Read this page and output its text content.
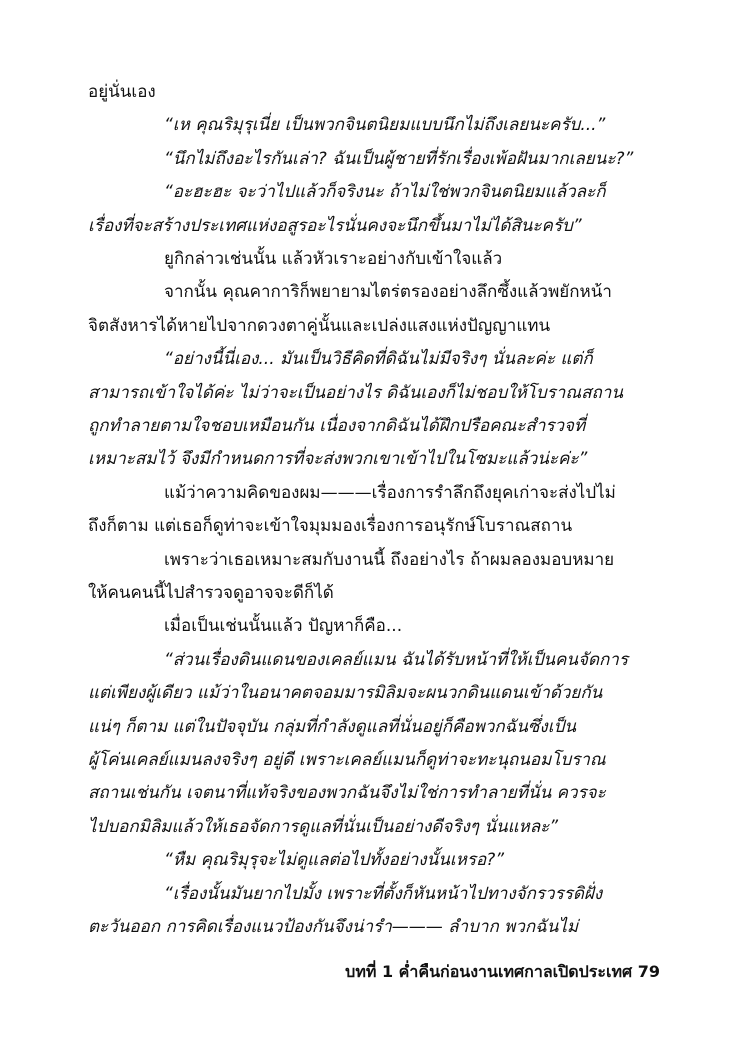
อยู่นั่นเอง
“เห คุณริมุรุเนี่ย เป็นพวกจินตนิยมแบบนึกไม่ถึงเลยนะครับ...”
“นึกไม่ถึงอะไรกันเล่า? ฉันเป็นผู้ชายที่รักเรื่องเพ้อฝันมากเลยนะ?”
“อะฮะฮะ จะว่าไปแล้วก็จริงนะ ถ้าไม่ใช่พวกจินตนิยมแล้วละก็
เรื่องที่จะสร้างประเทศแห่งอสูรอะไรนั่นคงจะนึกขึ้นมาไม่ได้สินะครับ”
ยูกิกล่าวเช่นนั้น แล้วหัวเราะอย่างกับเข้าใจแล้ว
จากนั้น คุณคาการิก็พยายามไตร่ตรองอย่างลึกซึ้งแล้วพยักหน้า
จิตสังหารได้หายไปจากดวงตาคู่นั้นและเปล่งแสงแห่งปัญญาแทน
“อย่างนี้นี่เอง... มันเป็นวิธีคิดที่ดิฉันไม่มีจริงๆ นั่นละค่ะ แต่ก็
สามารถเข้าใจได้ค่ะ ไม่ว่าจะเป็นอย่างไร ดิฉันเองก็ไม่ชอบให้โบราณสถาน
ถูกทำลายตามใจชอบเหมือนกัน เนื่องจากดิฉันได้ฝึกปรือคณะสำรวจที่
เหมาะสมไว้ จึงมีกำหนดการที่จะส่งพวกเขาเข้าไปในโซมะแล้วน่ะค่ะ”
แม้ว่าความคิดของผม———เรื่องการรำลึกถึงยุคเก่าจะส่งไปไม่
ถึงก็ตาม แต่เธอก็ดูท่าจะเข้าใจมุมมองเรื่องการอนุรักษ์โบราณสถาน
เพราะว่าเธอเหมาะสมกับงานนี้ ถึงอย่างไร ถ้าผมลองมอบหมาย
ให้คนคนนี้ไปสำรวจดูอาจจะดีก็ได้
เมื่อเป็นเช่นนั้นแล้ว ปัญหาก็คือ...
“ส่วนเรื่องดินแดนของเคลย์แมน ฉันได้รับหน้าที่ให้เป็นคนจัดการ
แต่เพียงผู้เดียว แม้ว่าในอนาคตจอมมารมิลิมจะผนวกดินแดนเข้าด้วยกัน
แน่ๆ ก็ตาม แต่ในปัจจุบัน กลุ่มที่กำลังดูแลที่นั่นอยู่ก็คือพวกฉันซึ่งเป็น
ผู้โค่นเคลย์แมนลงจริงๆ อยู่ดี เพราะเคลย์แมนก็ดูท่าจะทะนุถนอมโบราณ
สถานเช่นกัน เจตนาที่แท้จริงของพวกฉันจึงไม่ใช่การทำลายที่นั่น ควรจะ
ไปบอกมิลิมแล้วให้เธอจัดการดูแลที่นั่นเป็นอย่างดีจริงๆ นั่นแหละ”
“หืม คุณริมุรุจะไม่ดูแลต่อไปทั้งอย่างนั้นเหรอ?”
“เรื่องนั้นมันยากไปมั้ง เพราะที่ตั้งก็หันหน้าไปทางจักรวรรดิฝั่ง
ตะวันออก การคิดเรื่องแนวป้องกันจึงน่ารำ——— ลำบาก พวกฉันไม่
บทที่ 1 ค่ำคืนก่อนงานเทศกาลเปิดประเทศ 79
